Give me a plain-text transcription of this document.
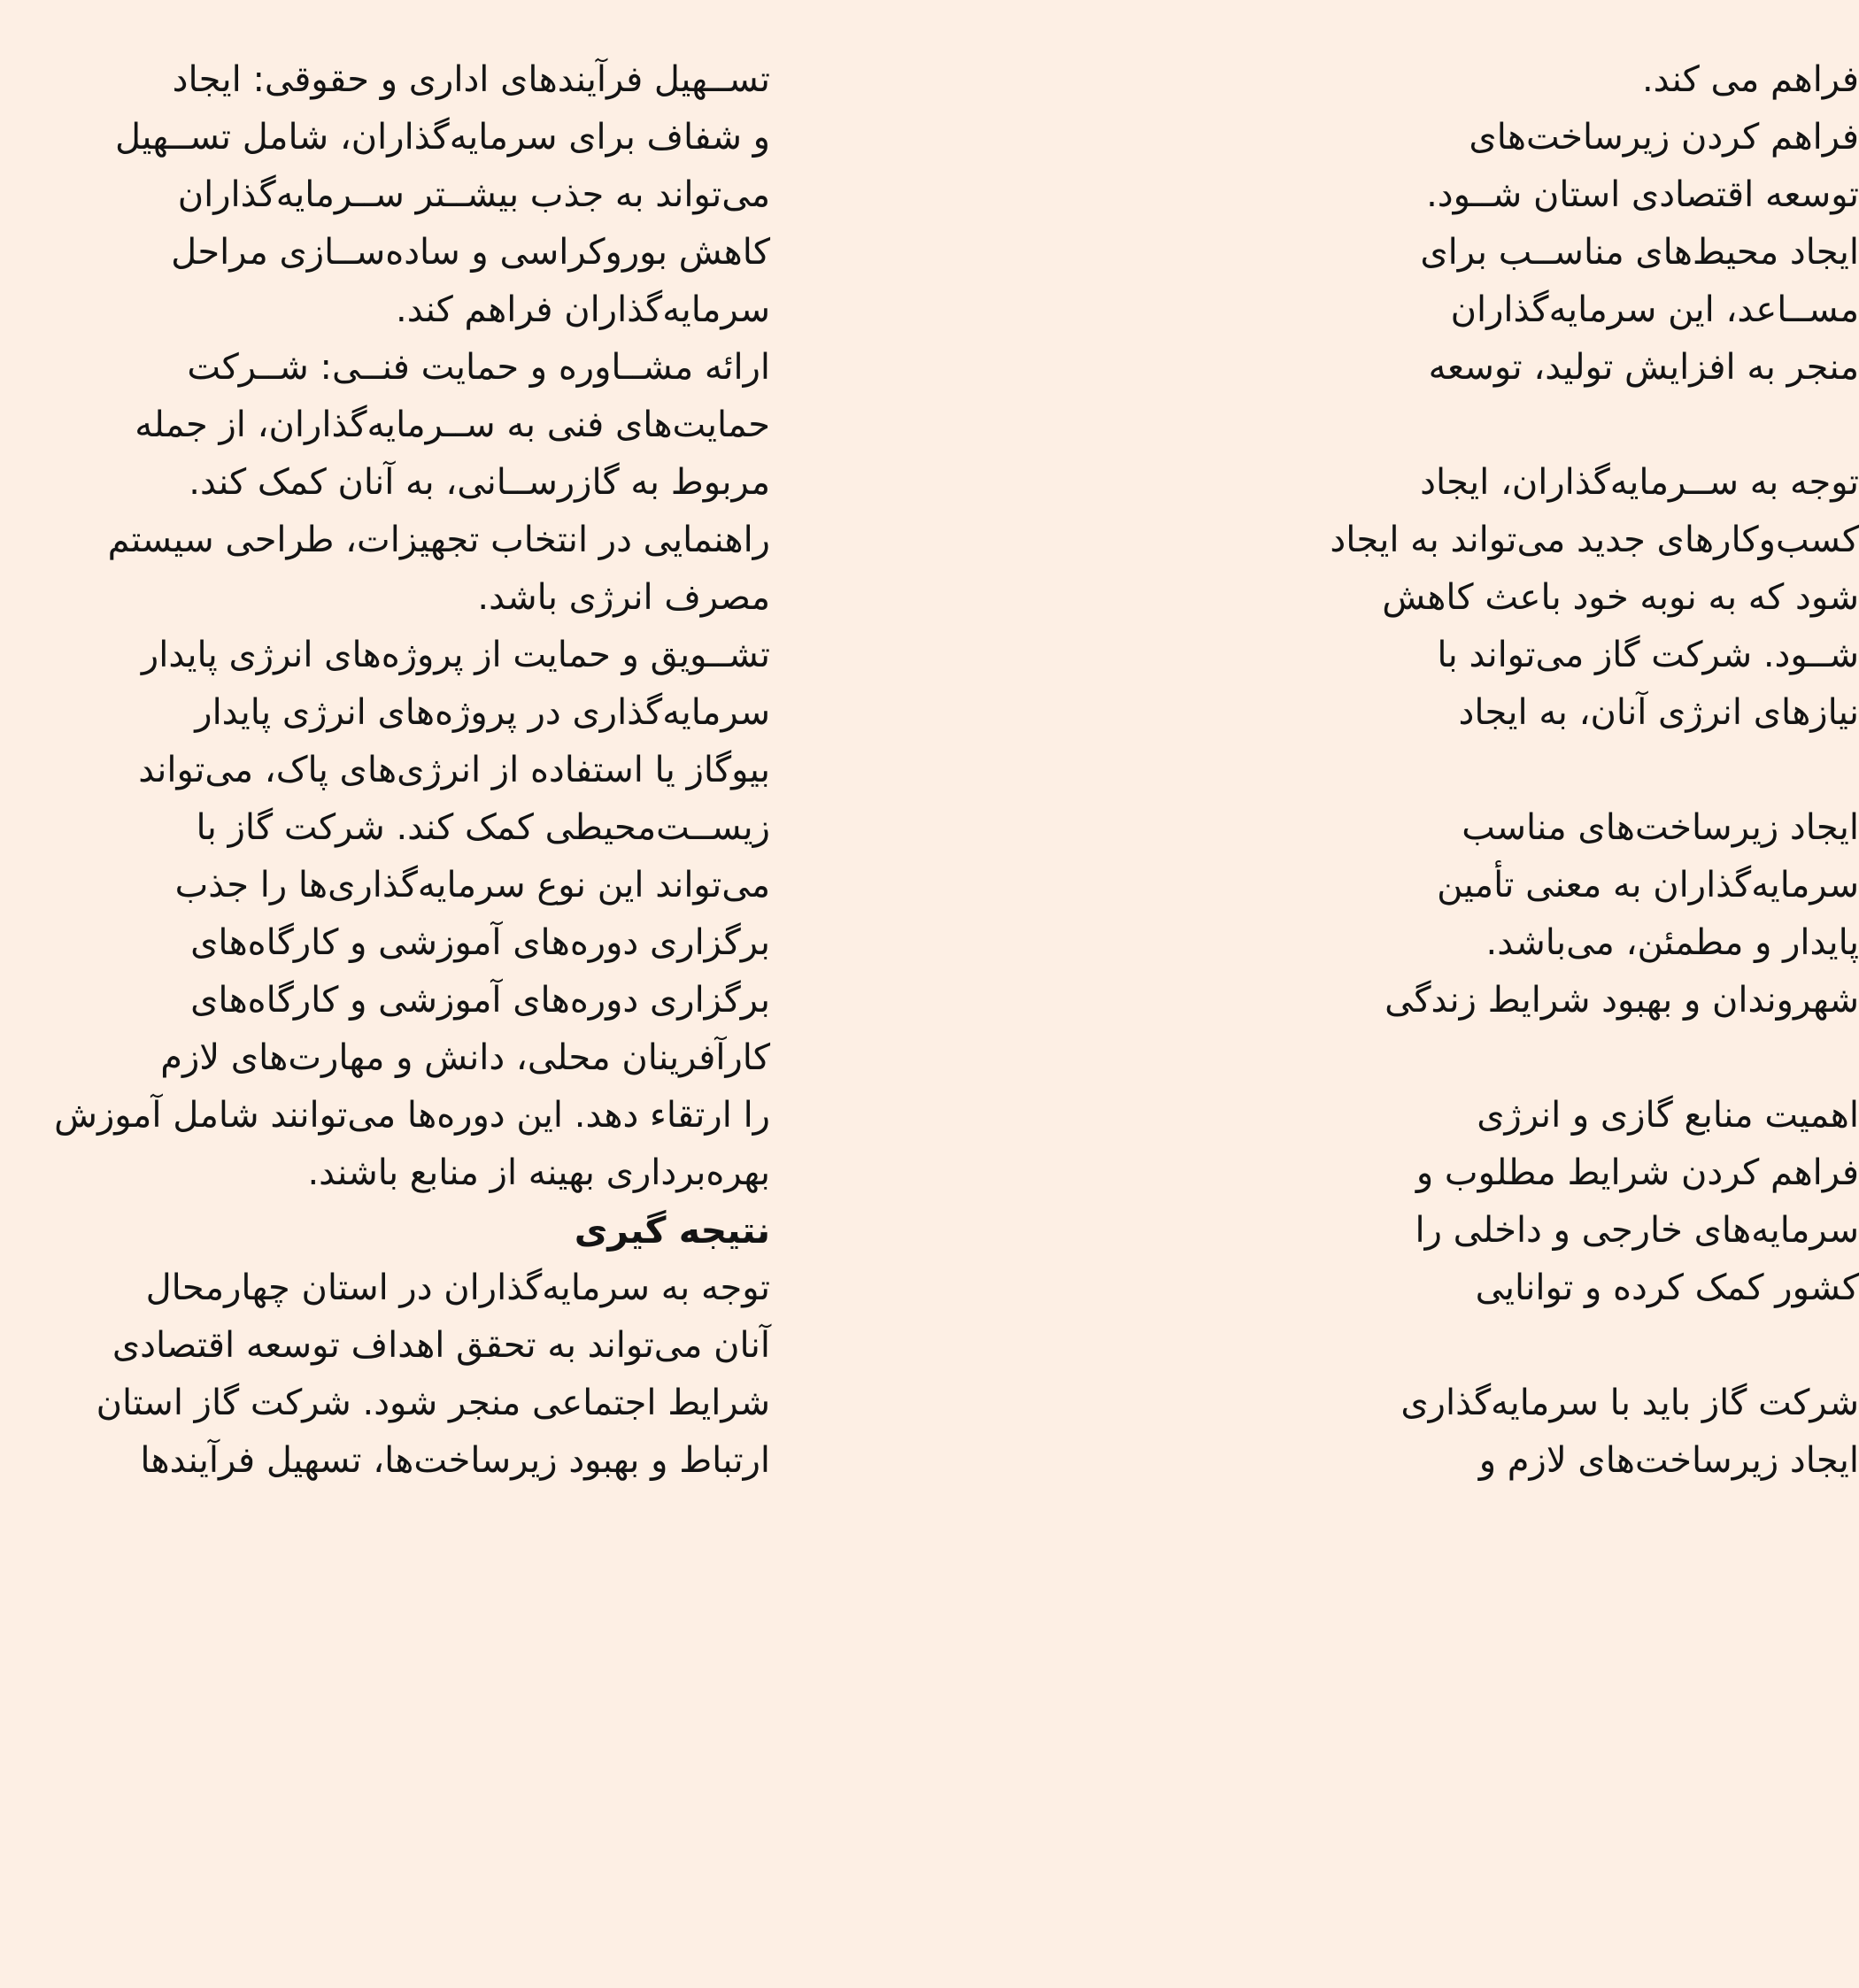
تســهیل فرآیندهای اداری و حقوقی: ایجاد
و شفاف برای سرمایه‌گذاران، شامل تســهیل
می‌تواند به جذب بیشــتر ســرمایه‌گذاران
کاهش بوروکراسی و ساده‌ســازی مراحل
سرمایه‌گذاران فراهم کند.
ارائه مشــاوره و حمایت فنــی: شــرکت
حمایت‌های فنی به ســرمایه‌گذاران، از جمله
مربوط به گازرســانی، به آنان کمک کند.
راهنمایی در انتخاب تجهیزات، طراحی سیستم
مصرف انرژی باشد.
تشــویق و حمایت از پروژه‌های انرژی پایدار
سرمایه‌گذاری در پروژه‌های انرژی پایدار
بیوگاز یا استفاده از انرژی‌های پاک، می‌تواند
زیســت‌محیطی کمک کند. شرکت گاز با
می‌تواند این نوع سرمایه‌گذاری‌ها را جذب
برگزاری دوره‌های آموزشی و کارگاه‌های
برگزاری دوره‌های آموزشی و کارگاه‌های
کارآفرینان محلی، دانش و مهارت‌های لازم
را ارتقاء دهد. این دوره‌ها می‌توانند شامل آموزش
بهره‌برداری بهینه از منابع باشند.
نتیجه گیری
توجه به سرمایه‌گذاران در استان چهارمحال
آنان می‌تواند به تحقق اهداف توسعه اقتصادی
شرایط اجتماعی منجر شود. شرکت گاز استان
ارتباط و بهبود زیرساخت‌ها، تسهیل فرآیندها
فراهم می کند.
فراهم کردن زیرساخت‌های
توسعه اقتصادی استان شــود.
ایجاد محیط‌های مناســب برای
مســاعد، این سرمایه‌گذاران
منجر به افزایش تولید، توسعه
توجه به ســرمایه‌گذاران، ایجاد
کسب‌وکارهای جدید می‌تواند به ایجاد
شود که به نوبه خود باعث کاهش
شــود. شرکت گاز می‌تواند با
نیازهای انرژی آنان، به ایجاد
ایجاد زیرساخت‌های مناسب
سرمایه‌گذاران به معنی تأمین
پایدار و مطمئن، می‌باشد.
شهروندان و بهبود شرایط زندگی
اهمیت منابع گازی و انرژی
فراهم کردن شرایط مطلوب و
سرمایه‌های خارجی و داخلی را
کشور کمک کرده و توانایی
شرکت گاز باید با سرمایه‌گذاری
ایجاد زیرساخت‌های لازم و
